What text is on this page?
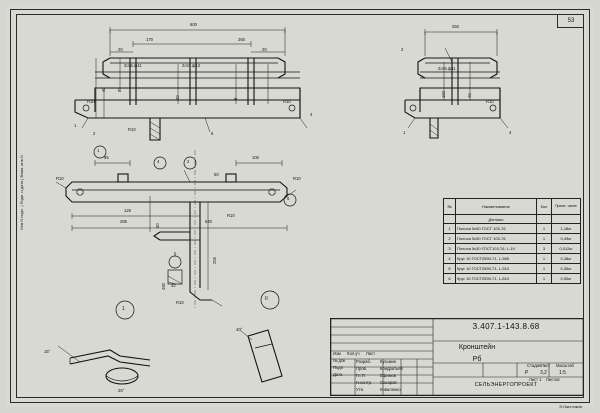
53
600
170	260
20	20
2отв.ф11	2отв.ф13
R10	R10
40	85
40	8
R10
1
2	6
4
250
2отв.ф11
150	40
R10
2
1	4
95	100
R10	R10
125
285	540
255
50
50
R10
R10
490 32
1
4	2
6
1
II
15°
25°
40°
№	Наименование	Кол	Приме- чание
	Детали		
1	Полоса 5х50 ГОСТ 103-76	1	1,18кг
2	Полоса 5х50 ГОСТ 103-76	1	0,49кг
3	Полоса 5х30 ГОСТ103-76, L-19	3	0,012кг
4	Круг 10 ГОСТ2590-71, L-565	1	0,38кг
5	Круг 10 ГОСТ2590-71, L-510	1	0,35кг
6	Круг 10 ГОСТ2590-71, L-810	1	0,50кг
З.407.1-143.8.68
Кронштейн
Рб
СЕЛЬЭНЕРГОПРОЕКТ
Стадия
Р
Лист
3,2
Масштаб
1:5
Лист 1 Листов
Изм Кол.уч Лист
№ док
Подп
Дата
Разраб. Кузьмин
Пров.	Кондратьев
Гл.П.	Ефимов
Н.контр. Сахаров
Утв.	Коваленко
Инв.N подл. | Подп. и дата | Взам. инв.N
Э.Ласточкин
